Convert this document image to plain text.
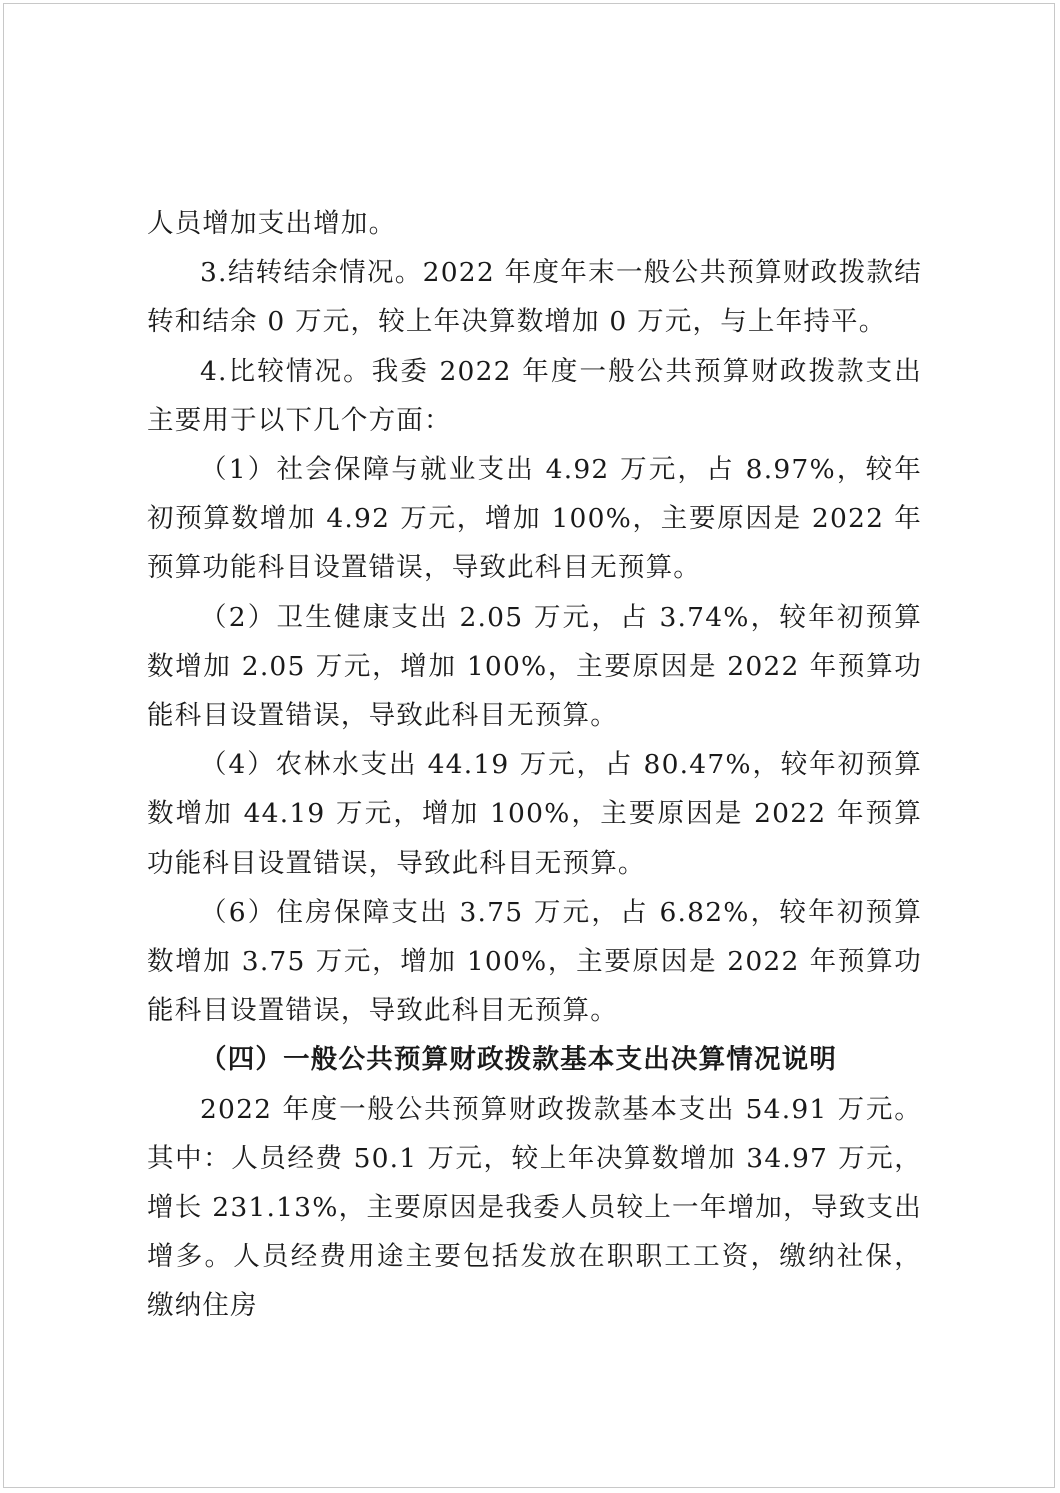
人员增加支出增加。

3.结转结余情况。2022 年度年末一般公共预算财政拨款结转和结余 0 万元，较上年决算数增加 0 万元，与上年持平。

4.比较情况。我委 2022 年度一般公共预算财政拨款支出主要用于以下几个方面：

（1）社会保障与就业支出 4.92 万元，占 8.97%，较年初预算数增加 4.92 万元，增加 100%，主要原因是 2022 年预算功能科目设置错误，导致此科目无预算。

（2）卫生健康支出 2.05 万元，占 3.74%，较年初预算数增加 2.05 万元，增加 100%，主要原因是 2022 年预算功能科目设置错误，导致此科目无预算。

（4）农林水支出 44.19 万元，占 80.47%，较年初预算数增加 44.19 万元，增加 100%，主要原因是 2022 年预算功能科目设置错误，导致此科目无预算。

（6）住房保障支出 3.75 万元，占 6.82%，较年初预算数增加 3.75 万元，增加 100%，主要原因是 2022 年预算功能科目设置错误，导致此科目无预算。

（四）一般公共预算财政拨款基本支出决算情况说明

2022 年度一般公共预算财政拨款基本支出 54.91 万元。其中：人员经费 50.1 万元，较上年决算数增加 34.97 万元，增长 231.13%，主要原因是我委人员较上一年增加，导致支出增多。人员经费用途主要包括发放在职职工工资，缴纳社保，缴纳住房
